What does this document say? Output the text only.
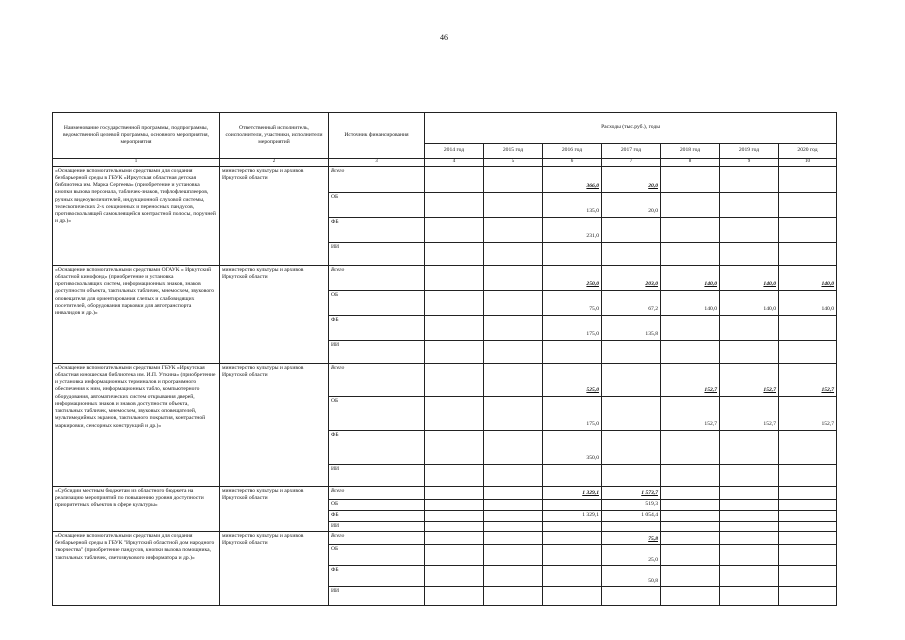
46
Наименование государственной программы, подпрограммы, ведомственной целевой программы, основного мероприятия, мероприятия	Ответственный исполнитель, соисполнители, участники, исполнители мероприятий	Источник финансирования	Расходы (тыс.руб.), годы						
			2014 год	2015 год	2016 год	2017 год	2018 год	2019 год	2020 год
1	2	3	4	5	6	7	8	9	10
«Оснащение вспомогательными средствами для создания безбарьерной среды в ГБУК «Иркутская областная детская библиотека им. Марка Сергеева» (приобретение и установка кнопки вызова персонала, табличек-знаков, тифлофлешплееров, ручных видеоувеличителей, индукционной слуховой системы, телескопических 2-х секционных и переносных пандусов, противоскользящей самоклеящейся контрастной полосы, поручней и др.)»	министерство культуры и архивов Иркутской области	Всего			366,0	20,0			
		ОБ			135,0	20,0			
		ФБ			231,0				
		ИИ							
«Оснащение вспомогательными средствами ОГАУК « Иркутский областной кинофонд» (приобретение и установка противоскользящих систем, информационных знаков, знаков доступности объекта, тактильных табличек, мнемосхем, звукового оповещателя для ориентирования слепых и слабовидящих посетителей, оборудования парковки для автотранспорта инвалидов и др.)»	министерство культуры и архивов Иркутской области	Всего			250,0	203,0	140,0	140,0	140,0
		ОБ			75,0	67,2	140,0	140,0	140,0
		ФБ			175,0	135,8			
		ИИ							
«Оснащение вспомогательными средствами ГБУК «Иркутская областная юношеская библиотека им. И.П. Уткина» (приобретение и установка информационных терминалов и программного обеспечения к ним, информационных табло, компьютерного оборудования, автоматических систем открывания дверей, информационных знаков и знаков доступности объекта, тактильных табличек, мнемосхем, звуковых оповещателей, мультимедийных экранов, тактильного покрытия, контрастной маркировки, сенсорных конструкций и др.)»	министерство культуры и архивов Иркутской области	Всего			525,0		152,7	152,7	152,7
		ОБ			175,0		152,7	152,7	152,7
		ФБ			350,0				
		ИИ							
«Субсидии местным бюджетам из областного бюджета на реализацию мероприятий по повышению уровня доступности приоритетных объектов в сфере культуры»	министерство культуры и архивов Иркутской области	Всего			1 329,1	1 573,7			
		ОБ				519,3			
		ФБ			1 329,1	1 054,4			
		ИИ							
«Оснащение вспомогательными средствами для создания безбарьерной среды в ГБУК "Иркутский областной дом народного творчества" (приобретение пандусов, кнопки вызова помощника, тактильных табличек, светозвукового информатора и др.)»	министерство культуры и архивов Иркутской области	Всего				75,8			
		ОБ				25,0			
		ФБ				50,8			
		ИИ							
